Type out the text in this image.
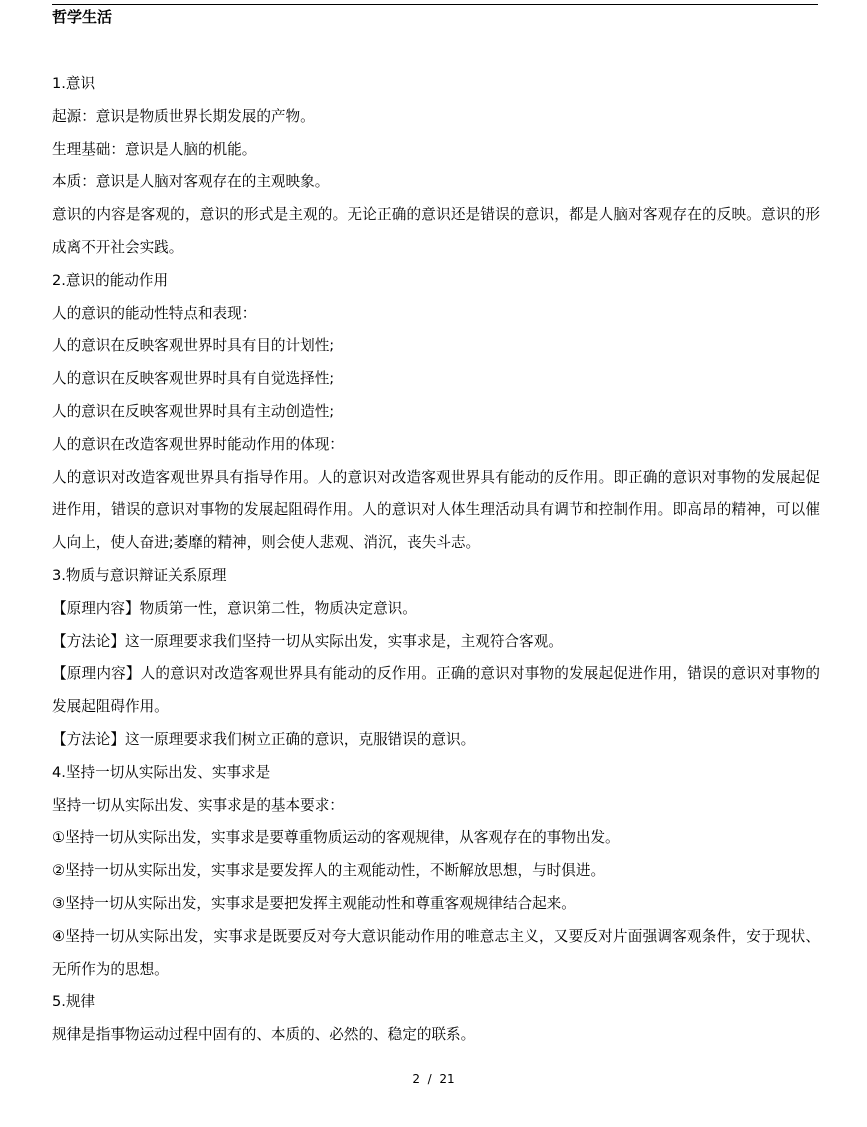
哲学生活

1.意识

起源：意识是物质世界长期发展的产物。

生理基础：意识是人脑的机能。

本质：意识是人脑对客观存在的主观映象。

意识的内容是客观的，意识的形式是主观的。无论正确的意识还是错误的意识，都是人脑对客观存在的反映。意识的形成离不开社会实践。

2.意识的能动作用

人的意识的能动性特点和表现：

人的意识在反映客观世界时具有目的计划性;

人的意识在反映客观世界时具有自觉选择性;

人的意识在反映客观世界时具有主动创造性;

人的意识在改造客观世界时能动作用的体现：

人的意识对改造客观世界具有指导作用。人的意识对改造客观世界具有能动的反作用。即正确的意识对事物的发展起促进作用，错误的意识对事物的发展起阻碍作用。人的意识对人体生理活动具有调节和控制作用。即高昂的精神，可以催人向上，使人奋进;萎靡的精神，则会使人悲观、消沉，丧失斗志。

3.物质与意识辩证关系原理

【原理内容】物质第一性，意识第二性，物质决定意识。

【方法论】这一原理要求我们坚持一切从实际出发，实事求是，主观符合客观。

【原理内容】人的意识对改造客观世界具有能动的反作用。正确的意识对事物的发展起促进作用，错误的意识对事物的发展起阻碍作用。

【方法论】这一原理要求我们树立正确的意识，克服错误的意识。

4.坚持一切从实际出发、实事求是

坚持一切从实际出发、实事求是的基本要求：

①坚持一切从实际出发，实事求是要尊重物质运动的客观规律，从客观存在的事物出发。

②坚持一切从实际出发，实事求是要发挥人的主观能动性，不断解放思想，与时俱进。

③坚持一切从实际出发，实事求是要把发挥主观能动性和尊重客观规律结合起来。

④坚持一切从实际出发，实事求是既要反对夸大意识能动作用的唯意志主义，又要反对片面强调客观条件，安于现状、无所作为的思想。

5.规律

规律是指事物运动过程中固有的、本质的、必然的、稳定的联系。

2  /  21
